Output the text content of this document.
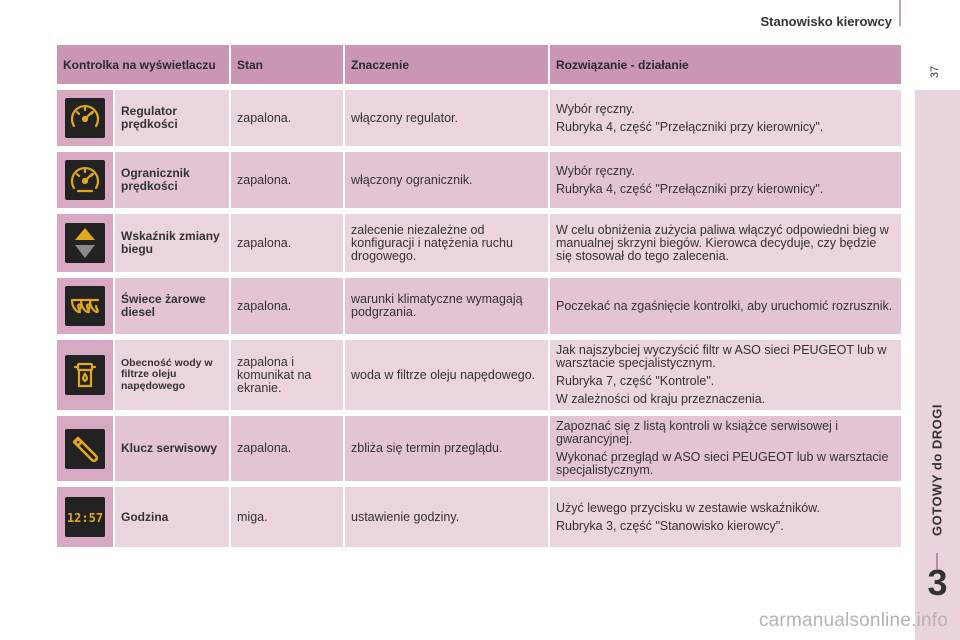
Stanowisko kierowcy
37
GOTOWY do DROGI
3
Kontrolka na wyświetlaczu		Stan	Znaczenie	Rozwiązanie - działanie

	Regulator prędkości	zapalona.	włączony regulator.	Wybór ręczny.

Rubryka 4, część "Przełączniki przy kierownicy".

	Ogranicznik prędkości	zapalona.	włączony ogranicznik.	Wybór ręczny.

Rubryka 4, część "Przełączniki przy kierownicy".

	Wskaźnik zmiany biegu	zapalona.	zalecenie niezależne od konfiguracji i natężenia ruchu drogowego.	W celu obniżenia zużycia paliwa włączyć odpowiedni bieg w manualnej skrzyni biegów. Kierowca decyduje, czy będzie się stosował do tego zalecenia.

	Świece żarowe diesel	zapalona.	warunki klimatyczne wymagają podgrzania.	Poczekać na zgaśnięcie kontrolki, aby uruchomić rozrusznik.

	Obecność wody w filtrze oleju napędowego	zapalona i komunikat na ekranie.	woda w filtrze oleju napędowego.	Jak najszybciej wyczyścić filtr w ASO sieci PEUGEOT lub w warsztacie specjalistycznym.

Rubryka 7, część "Kontrole".

W zależności od kraju przeznaczenia.

	Klucz serwisowy	zapalona.	zbliża się termin przeglądu.	Zapoznać się z listą kontroli w książce serwisowej i gwarancyjnej.

Wykonać przegląd w ASO sieci PEUGEOT lub w warsztacie specjalistycznym.

12:57	Godzina	miga.	ustawienie godziny.	Użyć lewego przycisku w zestawie wskaźników.

Rubryka 3, część "Stanowisko kierowcy".

carmanualsonline.info
